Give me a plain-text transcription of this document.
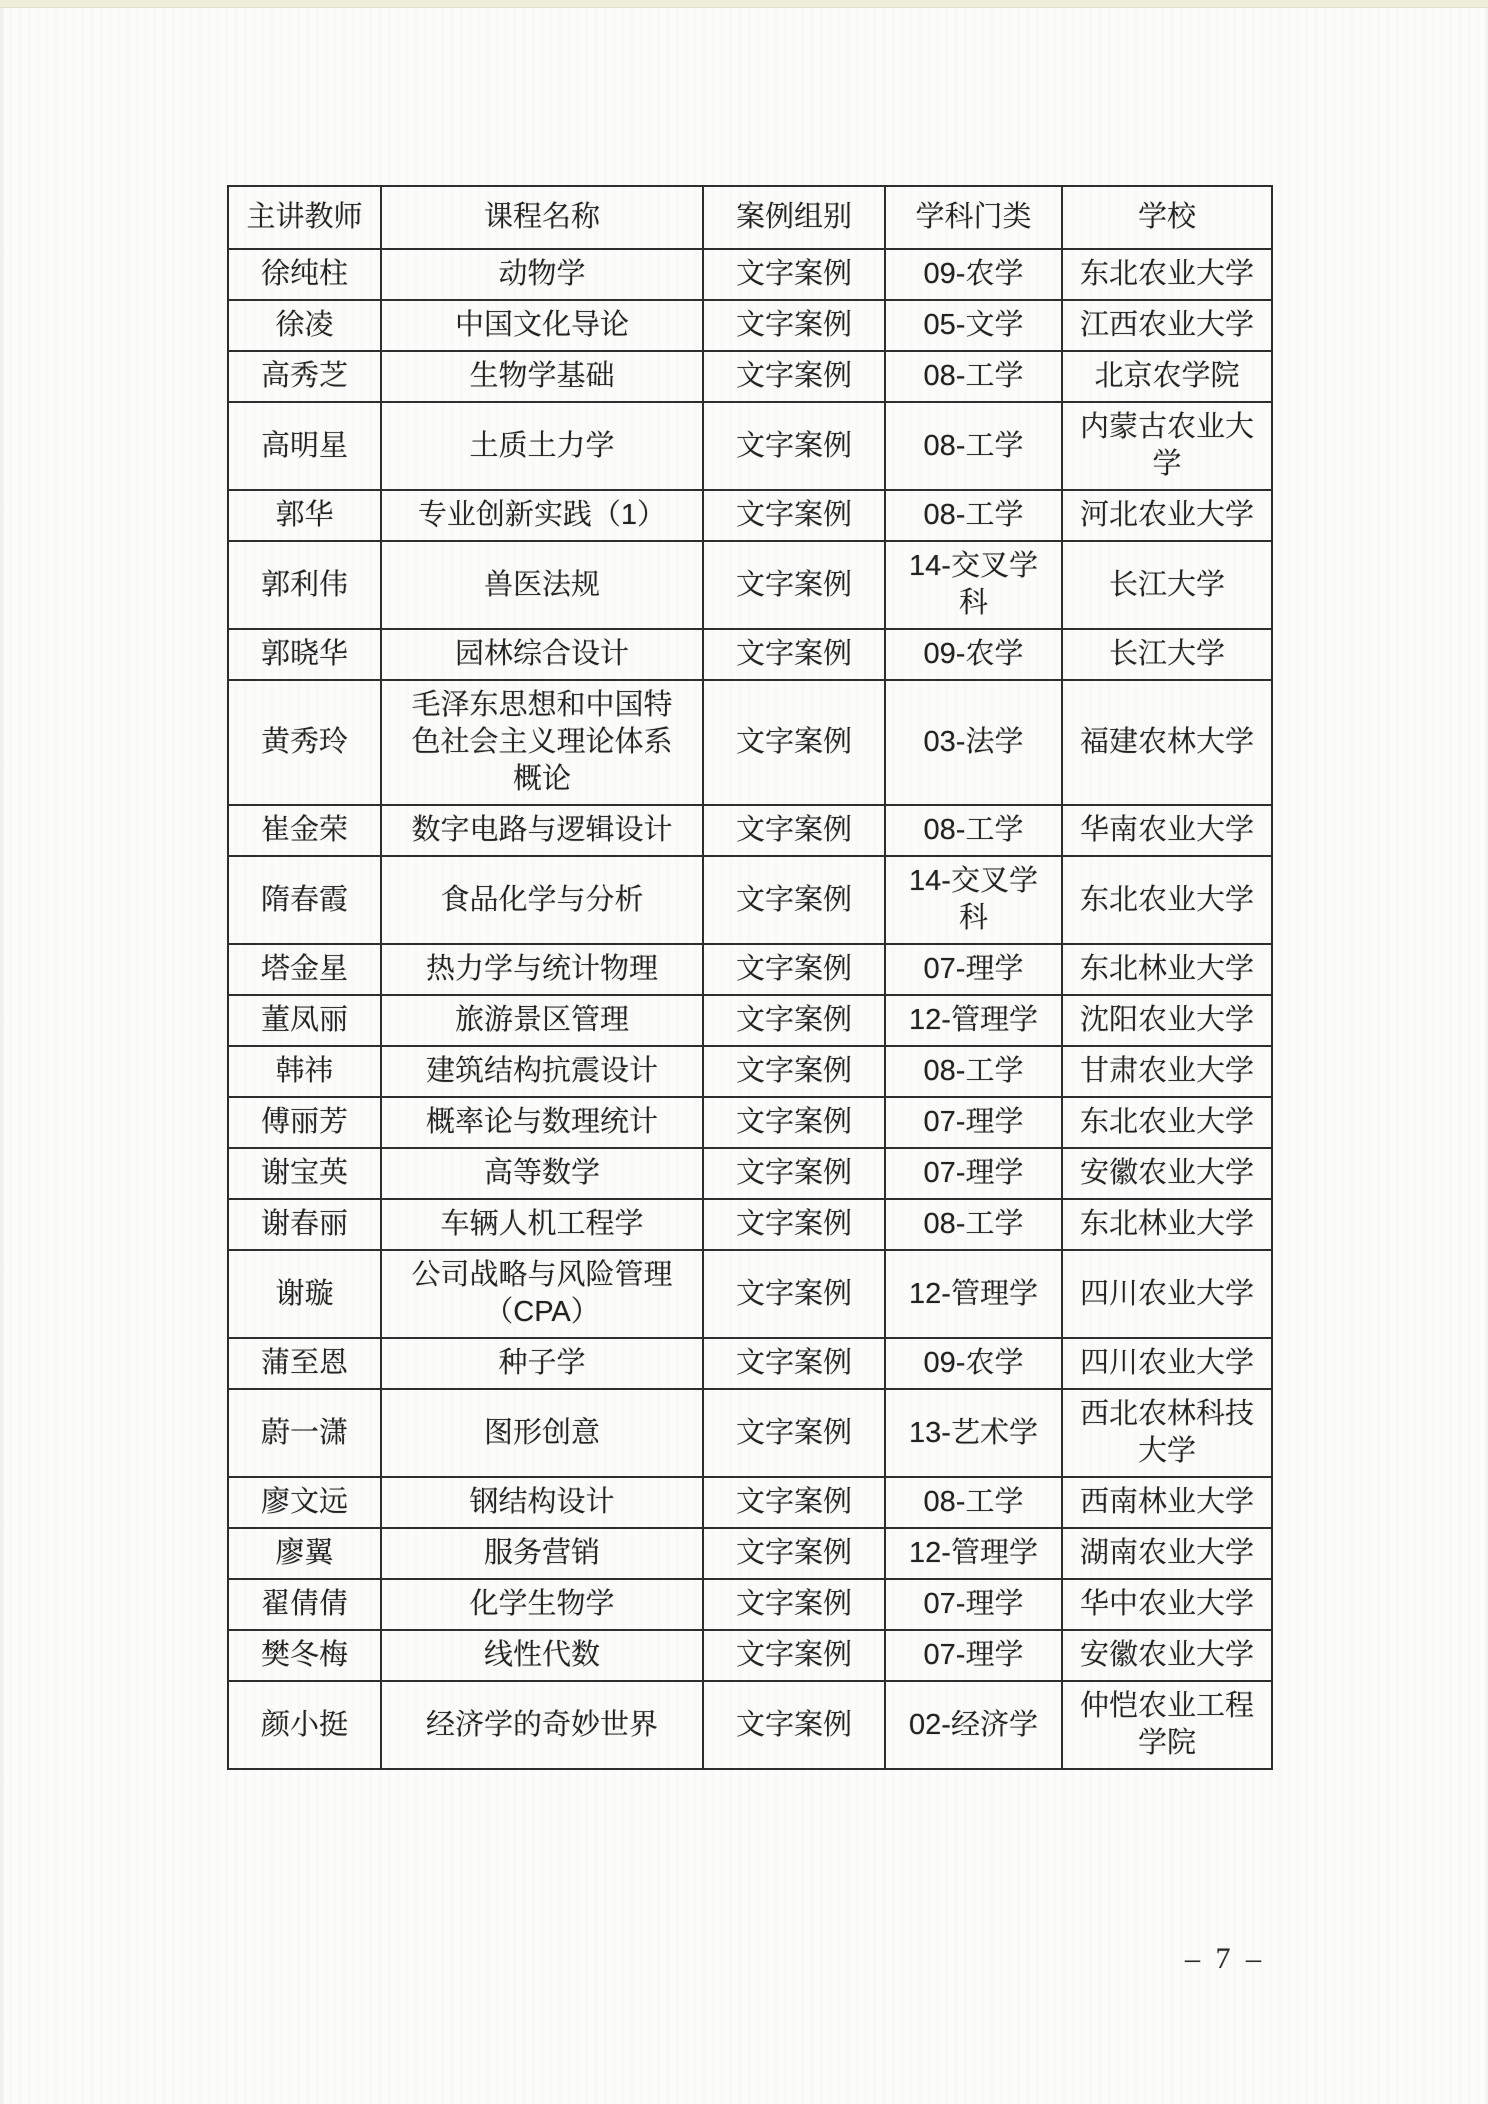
主讲教师	课程名称	案例组别	学科门类	学校
徐纯柱	动物学	文字案例	09-农学	东北农业大学
徐凌	中国文化导论	文字案例	05-文学	江西农业大学
高秀芝	生物学基础	文字案例	08-工学	北京农学院
高明星	土质土力学	文字案例	08-工学	内蒙古农业大学
郭华	专业创新实践（1）	文字案例	08-工学	河北农业大学
郭利伟	兽医法规	文字案例	14-交叉学科	长江大学
郭晓华	园林综合设计	文字案例	09-农学	长江大学
黄秀玲	毛泽东思想和中国特色社会主义理论体系概论	文字案例	03-法学	福建农林大学
崔金荣	数字电路与逻辑设计	文字案例	08-工学	华南农业大学
隋春霞	食品化学与分析	文字案例	14-交叉学科	东北农业大学
塔金星	热力学与统计物理	文字案例	07-理学	东北林业大学
董凤丽	旅游景区管理	文字案例	12-管理学	沈阳农业大学
韩祎	建筑结构抗震设计	文字案例	08-工学	甘肃农业大学
傅丽芳	概率论与数理统计	文字案例	07-理学	东北农业大学
谢宝英	高等数学	文字案例	07-理学	安徽农业大学
谢春丽	车辆人机工程学	文字案例	08-工学	东北林业大学
谢璇	公司战略与风险管理（CPA）	文字案例	12-管理学	四川农业大学
蒲至恩	种子学	文字案例	09-农学	四川农业大学
蔚一潇	图形创意	文字案例	13-艺术学	西北农林科技大学
廖文远	钢结构设计	文字案例	08-工学	西南林业大学
廖翼	服务营销	文字案例	12-管理学	湖南农业大学
翟倩倩	化学生物学	文字案例	07-理学	华中农业大学
樊冬梅	线性代数	文字案例	07-理学	安徽农业大学
颜小挺	经济学的奇妙世界	文字案例	02-经济学	仲恺农业工程学院
– 7 –
